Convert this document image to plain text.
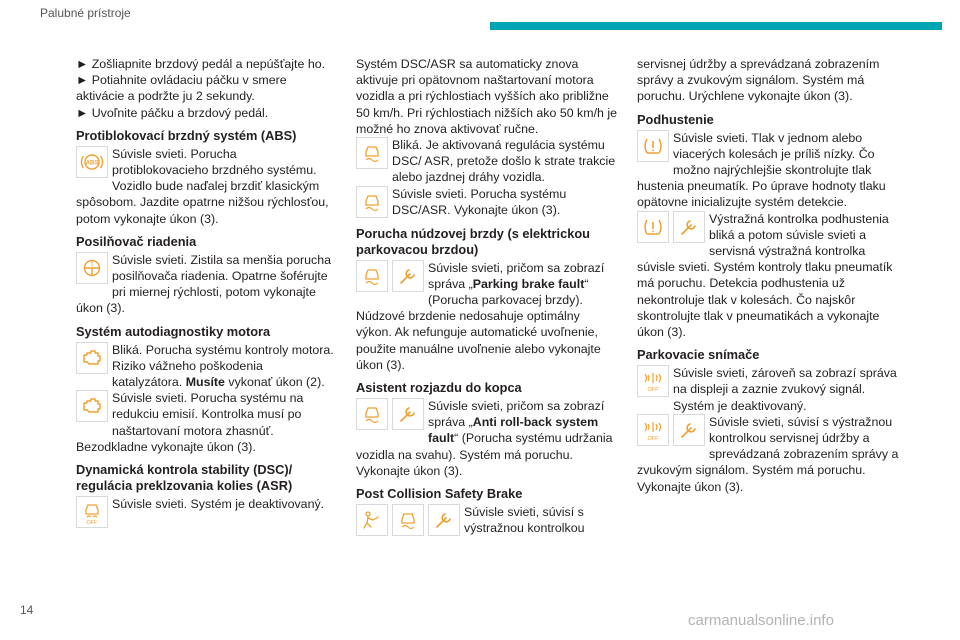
Palubné prístroje

► Zošliapnite brzdový pedál a nepúšťajte ho.

► Potiahnite ovládaciu páčku v smere aktivácie a podržte ju 2 sekundy.

► Uvoľnite páčku a brzdový pedál.

Protiblokovací brzdný systém (ABS)
ABS
Súvisle svieti. Porucha protiblokovacieho brzdného systému. Vozidlo bude naďalej brzdiť klasickým spôsobom. Jazdite opatrne nižšou rýchlosťou, potom vykonajte úkon (3).
Posilňovač riadenia
! Súvisle svieti. Zistila sa menšia porucha posilňovača riadenia. Opatrne šoférujte pri miernej rýchlosti, potom vykonajte úkon (3).
Systém autodiagnostiky motora
Bliká. Porucha systému kontroly motora. Riziko vážneho poškodenia katalyzátora. Musíte vykonať úkon (2).
Súvisle svieti. Porucha systému na redukciu emisií. Kontrolka musí po naštartovaní motora zhasnúť. Bezodkladne vykonajte úkon (3).
Dynamická kontrola stability (DSC)/ regulácia preklzovania kolies (ASR)
OFF
Súvisle svieti. Systém je deaktivovaný.

Systém DSC/ASR sa automaticky znova aktivuje pri opätovnom naštartovaní motora vozidla a pri rýchlostiach vyšších ako približne 50 km/h. Pri rýchlostiach nižších ako 50 km/h je možné ho znova aktivovať ručne.

Bliká. Je aktivovaná regulácia systému DSC/ ASR, pretože došlo k strate trakcie alebo jazdnej dráhy vozidla.
Súvisle svieti. Porucha systému DSC/ASR. Vykonajte úkon (3).
Porucha núdzovej brzdy (s elektrickou parkovacou brzdou)
Súvisle svieti, pričom sa zobrazí správa „Parking brake fault“ (Porucha parkovacej brzdy). Núdzové brzdenie nedosahuje optimálny výkon. Ak nefunguje automatické uvoľnenie, použite manuálne uvoľnenie alebo vykonajte úkon (3).
Asistent rozjazdu do kopca
Súvisle svieti, pričom sa zobrazí správa „Anti roll-back system fault“ (Porucha systému udržania vozidla na svahu). Systém má poruchu. Vykonajte úkon (3).
Post Collision Safety Brake
Súvisle svieti, súvisí s výstražnou kontrolkou

servisnej údržby a sprevádzaná zobrazením správy a zvukovým signálom. Systém má poruchu. Urýchlene vykonajte úkon (3).

Podhustenie
Súvisle svieti. Tlak v jednom alebo viacerých kolesách je príliš nízky. Čo možno najrýchlejšie skontrolujte tlak hustenia pneumatík. Po úprave hodnoty tlaku opätovne inicializujte systém detekcie.
Výstražná kontrolka podhustenia bliká a potom súvisle svieti a servisná výstražná kontrolka súvisle svieti. Systém kontroly tlaku pneumatík má poruchu. Detekcia podhustenia už nekontroluje tlak v kolesách. Čo najskôr skontrolujte tlak v pneumatikách a vykonajte úkon (3).
Parkovacie snímače
OFF
Súvisle svieti, zároveň sa zobrazí správa na displeji a zaznie zvukový signál. Systém je deaktivovaný.
OFF
Súvisle svieti, súvisí s výstražnou kontrolkou servisnej údržby a sprevádzaná zobrazením správy a zvukovým signálom. Systém má poruchu. Vykonajte úkon (3).
14
carmanualsonline.info
